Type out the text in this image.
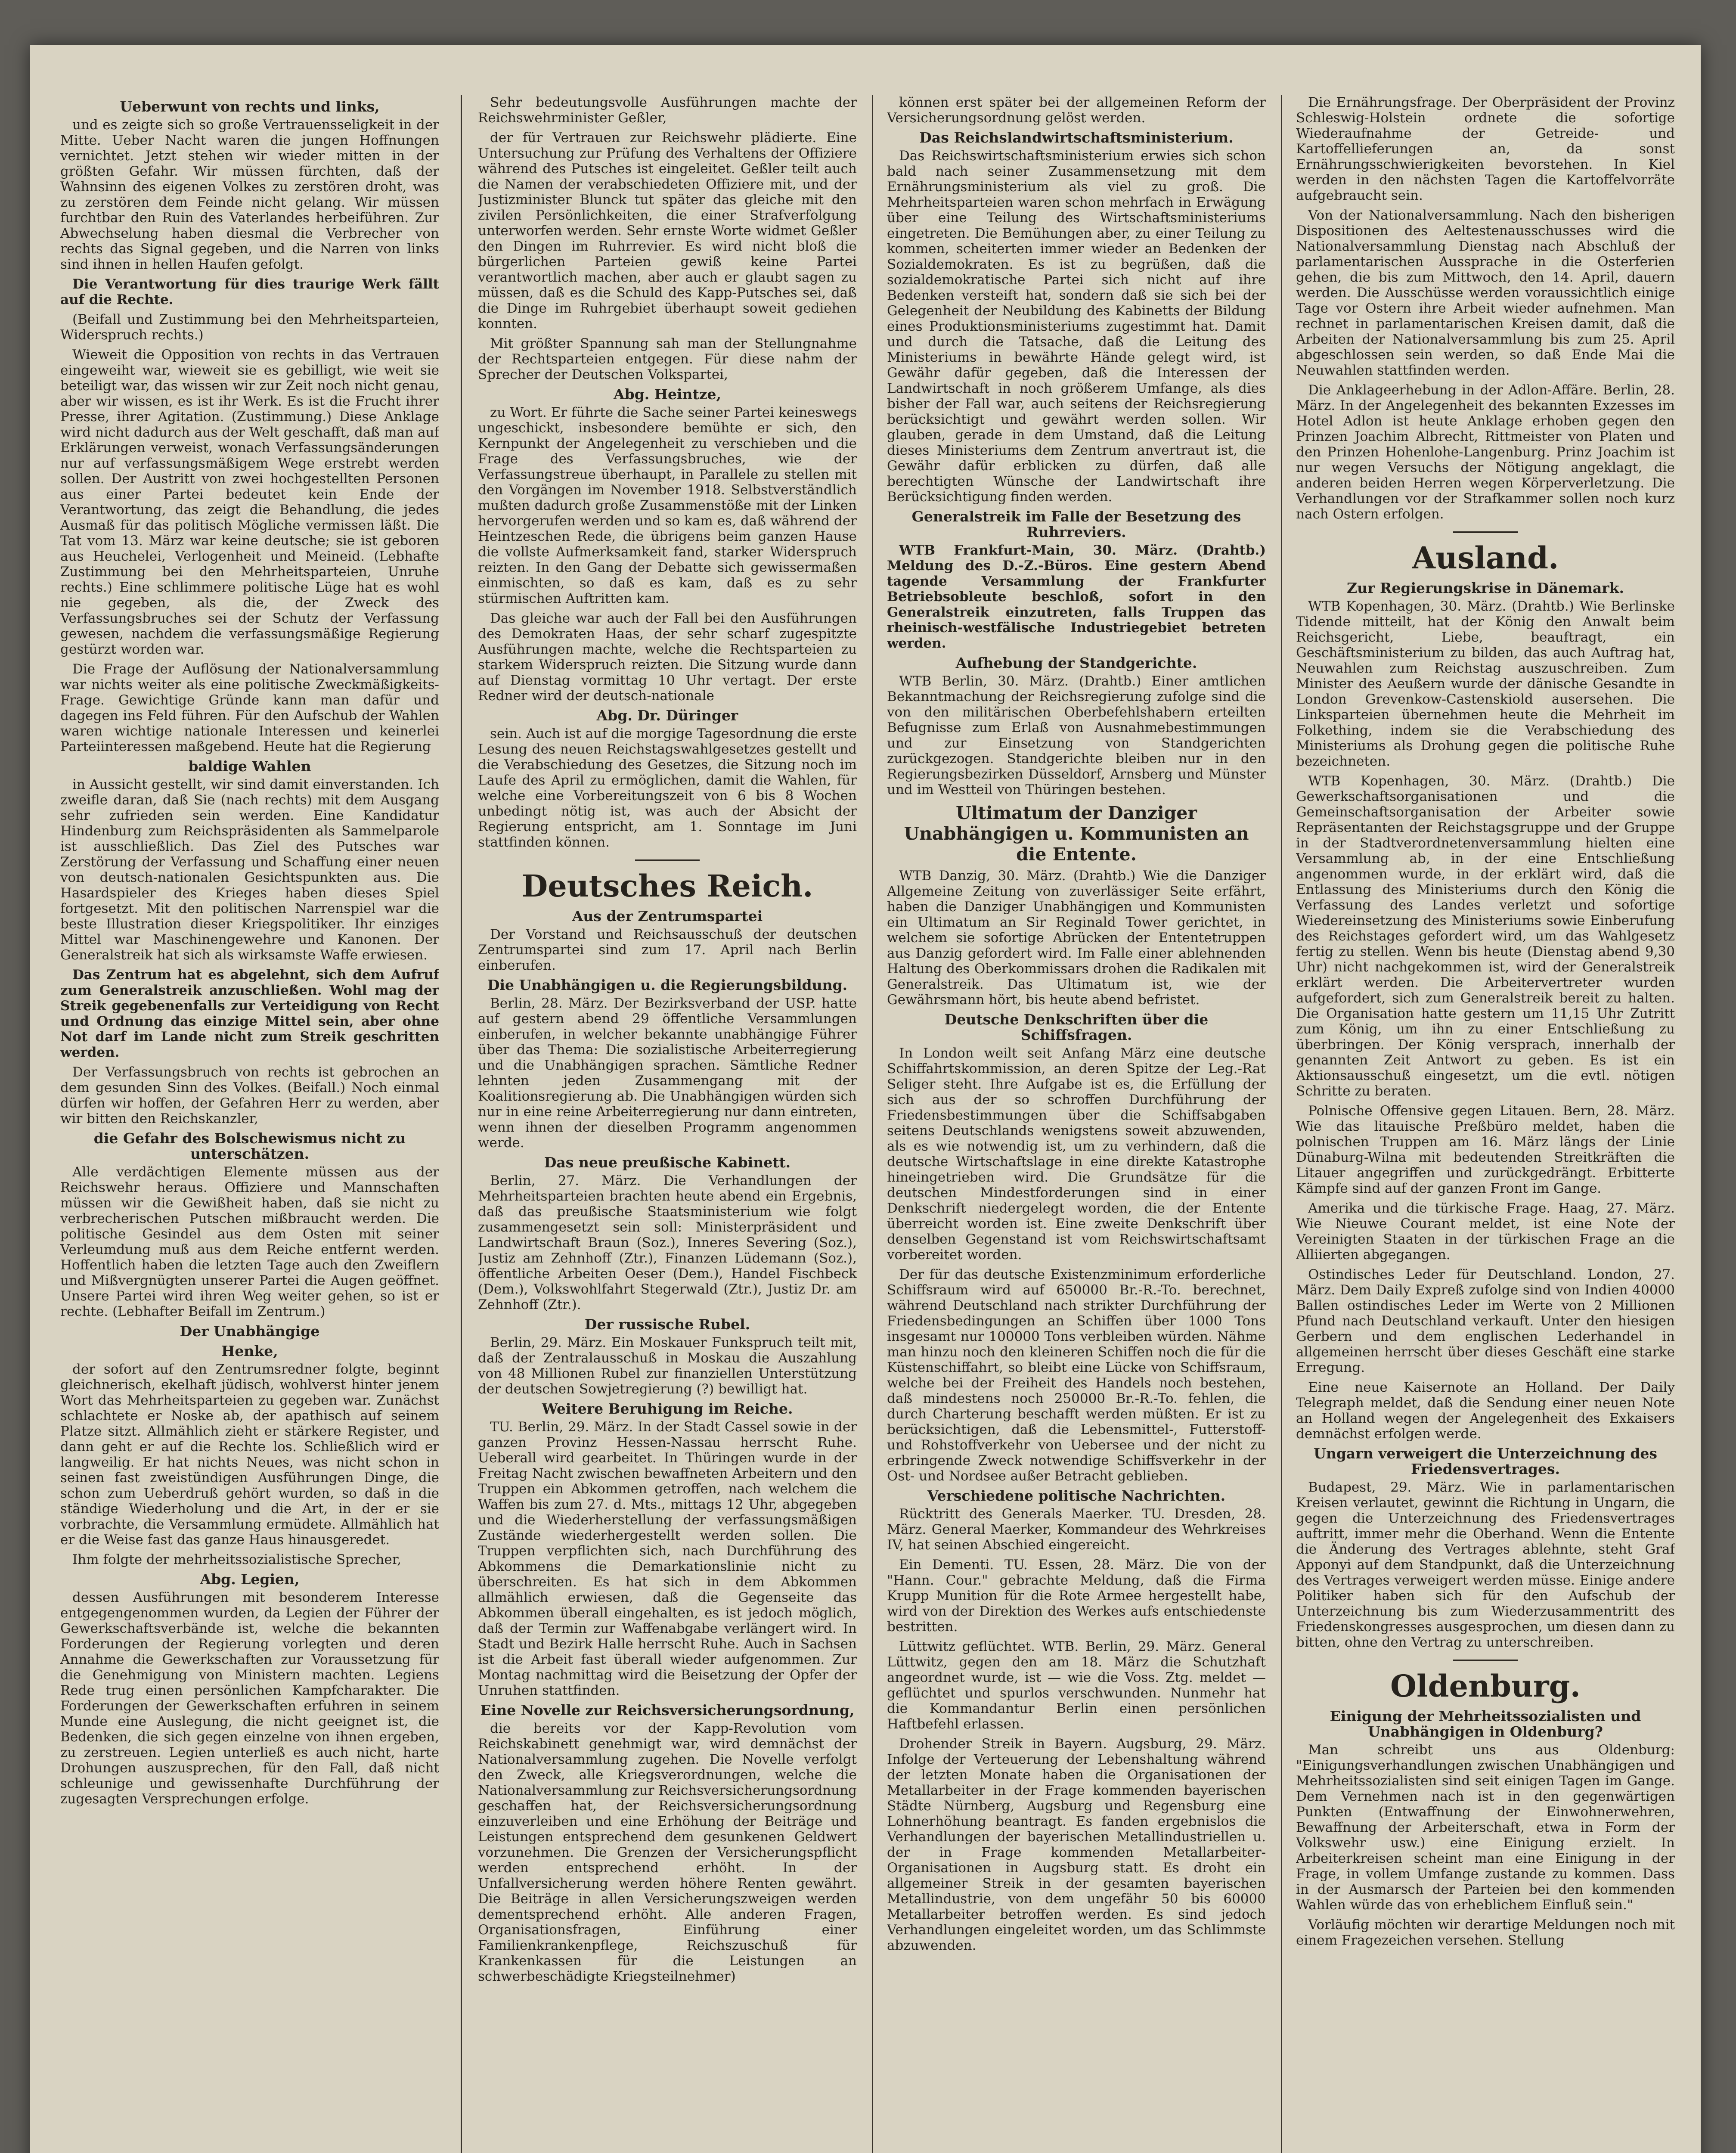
Ueberwunt von rechts und links,

und es zeigte sich so große Vertrauensseligkeit in der Mitte. Ueber Nacht waren die jungen Hoffnungen vernichtet. Jetzt stehen wir wieder mitten in der größten Gefahr. Wir müssen fürchten, daß der Wahnsinn des eigenen Volkes zu zerstören droht, was zu zerstören dem Feinde nicht gelang. Wir müssen furchtbar den Ruin des Vaterlandes herbeiführen. Zur Abwechselung haben diesmal die Verbrecher von rechts das Signal gegeben, und die Narren von links sind ihnen in hellen Haufen gefolgt.

Die Verantwortung für dies traurige Werk fällt auf die Rechte.

(Beifall und Zustimmung bei den Mehrheitsparteien, Widerspruch rechts.)

Wieweit die Opposition von rechts in das Vertrauen eingeweiht war, wieweit sie es gebilligt, wie weit sie beteiligt war, das wissen wir zur Zeit noch nicht genau, aber wir wissen, es ist ihr Werk. Es ist die Frucht ihrer Presse, ihrer Agitation. (Zustimmung.) Diese Anklage wird nicht dadurch aus der Welt geschafft, daß man auf Erklärungen verweist, wonach Verfassungsänderungen nur auf verfassungsmäßigem Wege erstrebt werden sollen. Der Austritt von zwei hochgestellten Personen aus einer Partei bedeutet kein Ende der Verantwortung, das zeigt die Behandlung, die jedes Ausmaß für das politisch Mögliche vermissen läßt. Die Tat vom 13. März war keine deutsche; sie ist geboren aus Heuchelei, Verlogenheit und Meineid. (Lebhafte Zustimmung bei den Mehrheitsparteien, Unruhe rechts.) Eine schlimmere politische Lüge hat es wohl nie gegeben, als die, der Zweck des Verfassungsbruches sei der Schutz der Verfassung gewesen, nachdem die verfassungsmäßige Regierung gestürzt worden war.

Die Frage der Auflösung der Nationalversammlung war nichts weiter als eine politische Zweckmäßigkeits-Frage. Gewichtige Gründe kann man dafür und dagegen ins Feld führen. Für den Aufschub der Wahlen waren wichtige nationale Interessen und keinerlei Parteiinteressen maßgebend. Heute hat die Regierung

baldige Wahlen

in Aussicht gestellt, wir sind damit einverstanden. Ich zweifle daran, daß Sie (nach rechts) mit dem Ausgang sehr zufrieden sein werden. Eine Kandidatur Hindenburg zum Reichspräsidenten als Sammelparole ist ausschließlich. Das Ziel des Putsches war Zerstörung der Verfassung und Schaffung einer neuen von deutsch-nationalen Gesichtspunkten aus. Die Hasardspieler des Krieges haben dieses Spiel fortgesetzt. Mit den politischen Narrenspiel war die beste Illustration dieser Kriegspolitiker. Ihr einziges Mittel war Maschinengewehre und Kanonen. Der Generalstreik hat sich als wirksamste Waffe erwiesen.

Das Zentrum hat es abgelehnt, sich dem Aufruf zum Generalstreik anzuschließen. Wohl mag der Streik gegebenenfalls zur Verteidigung von Recht und Ordnung das einzige Mittel sein, aber ohne Not darf im Lande nicht zum Streik geschritten werden.

Der Verfassungsbruch von rechts ist gebrochen an dem gesunden Sinn des Volkes. (Beifall.) Noch einmal dürfen wir hoffen, der Gefahren Herr zu werden, aber wir bitten den Reichskanzler,

die Gefahr des Bolschewismus nicht zu unterschätzen.

Alle verdächtigen Elemente müssen aus der Reichswehr heraus. Offiziere und Mannschaften müssen wir die Gewißheit haben, daß sie nicht zu verbrecherischen Putschen mißbraucht werden. Die politische Gesindel aus dem Osten mit seiner Verleumdung muß aus dem Reiche entfernt werden. Hoffentlich haben die letzten Tage auch den Zweiflern und Mißvergnügten unserer Partei die Augen geöffnet. Unsere Partei wird ihren Weg weiter gehen, so ist er rechte. (Lebhafter Beifall im Zentrum.)

Der Unabhängige
Henke,

der sofort auf den Zentrumsredner folgte, beginnt gleichnerisch, ekelhaft jüdisch, wohlverst hinter jenem Wort das Mehrheitsparteien zu gegeben war. Zunächst schlachtete er Noske ab, der apathisch auf seinem Platze sitzt. Allmählich zieht er stärkere Register, und dann geht er auf die Rechte los. Schließlich wird er langweilig. Er hat nichts Neues, was nicht schon in seinen fast zweistündigen Ausführungen Dinge, die schon zum Ueberdruß gehört wurden, so daß in die ständige Wiederholung und die Art, in der er sie vorbrachte, die Versammlung ermüdete. Allmählich hat er die Weise fast das ganze Haus hinausgeredet.

Ihm folgte der mehrheitssozialistische Sprecher,

Abg. Legien,

dessen Ausführungen mit besonderem Interesse entgegengenommen wurden, da Legien der Führer der Gewerkschaftsverbände ist, welche die bekannten Forderungen der Regierung vorlegten und deren Annahme die Gewerkschaften zur Voraussetzung für die Genehmigung von Ministern machten. Legiens Rede trug einen persönlichen Kampfcharakter. Die Forderungen der Gewerkschaften erfuhren in seinem Munde eine Auslegung, die nicht geeignet ist, die Bedenken, die sich gegen einzelne von ihnen ergeben, zu zerstreuen. Legien unterließ es auch nicht, harte Drohungen auszusprechen, für den Fall, daß nicht schleunige und gewissenhafte Durchführung der zugesagten Versprechungen erfolge.

Sehr bedeutungsvolle Ausführungen machte der Reichswehrminister Geßler,

der für Vertrauen zur Reichswehr plädierte. Eine Untersuchung zur Prüfung des Verhaltens der Offiziere während des Putsches ist eingeleitet. Geßler teilt auch die Namen der verabschiedeten Offiziere mit, und der Justizminister Blunck tut später das gleiche mit den zivilen Persönlichkeiten, die einer Strafverfolgung unterworfen werden. Sehr ernste Worte widmet Geßler den Dingen im Ruhrrevier. Es wird nicht bloß die bürgerlichen Parteien gewiß keine Partei verantwortlich machen, aber auch er glaubt sagen zu müssen, daß es die Schuld des Kapp-Putsches sei, daß die Dinge im Ruhrgebiet überhaupt soweit gediehen konnten.

Mit größter Spannung sah man der Stellungnahme der Rechtsparteien entgegen. Für diese nahm der Sprecher der Deutschen Volkspartei,

Abg. Heintze,

zu Wort. Er führte die Sache seiner Partei keineswegs ungeschickt, insbesondere bemühte er sich, den Kernpunkt der Angelegenheit zu verschieben und die Frage des Verfassungsbruches, wie der Verfassungstreue überhaupt, in Parallele zu stellen mit den Vorgängen im November 1918. Selbstverständlich mußten dadurch große Zusammenstöße mit der Linken hervorgerufen werden und so kam es, daß während der Heintzeschen Rede, die übrigens beim ganzen Hause die vollste Aufmerksamkeit fand, starker Widerspruch reizten. In den Gang der Debatte sich gewissermaßen einmischten, so daß es kam, daß es zu sehr stürmischen Auftritten kam.

Das gleiche war auch der Fall bei den Ausführungen des Demokraten Haas, der sehr scharf zugespitzte Ausführungen machte, welche die Rechtsparteien zu starkem Widerspruch reizten. Die Sitzung wurde dann auf Dienstag vormittag 10 Uhr vertagt. Der erste Redner wird der deutsch-nationale

Abg. Dr. Düringer

sein. Auch ist auf die morgige Tagesordnung die erste Lesung des neuen Reichstagswahlgesetzes gestellt und die Verabschiedung des Gesetzes, die Sitzung noch im Laufe des April zu ermöglichen, damit die Wahlen, für welche eine Vorbereitungszeit von 6 bis 8 Wochen unbedingt nötig ist, was auch der Absicht der Regierung entspricht, am 1. Sonntage im Juni stattfinden können.

Deutsches Reich.
Aus der Zentrumspartei

Der Vorstand und Reichsausschuß der deutschen Zentrumspartei sind zum 17. April nach Berlin einberufen.

Die Unabhängigen u. die Regierungsbildung.

Berlin, 28. März. Der Bezirksverband der USP. hatte auf gestern abend 29 öffentliche Versammlungen einberufen, in welcher bekannte unabhängige Führer über das Thema: Die sozialistische Arbeiterregierung und die Unabhängigen sprachen. Sämtliche Redner lehnten jeden Zusammengang mit der Koalitionsregierung ab. Die Unabhängigen würden sich nur in eine reine Arbeiterregierung nur dann eintreten, wenn ihnen der dieselben Programm angenommen werde.

Das neue preußische Kabinett.

Berlin, 27. März. Die Verhandlungen der Mehrheitsparteien brachten heute abend ein Ergebnis, daß das preußische Staatsministerium wie folgt zusammengesetzt sein soll: Ministerpräsident und Landwirtschaft Braun (Soz.), Inneres Severing (Soz.), Justiz am Zehnhoff (Ztr.), Finanzen Lüdemann (Soz.), öffentliche Arbeiten Oeser (Dem.), Handel Fischbeck (Dem.), Volkswohlfahrt Stegerwald (Ztr.), Justiz Dr. am Zehnhoff (Ztr.).

Der russische Rubel.

Berlin, 29. März. Ein Moskauer Funkspruch teilt mit, daß der Zentralausschuß in Moskau die Auszahlung von 48 Millionen Rubel zur finanziellen Unterstützung der deutschen Sowjetregierung (?) bewilligt hat.

Weitere Beruhigung im Reiche.

TU. Berlin, 29. März. In der Stadt Cassel sowie in der ganzen Provinz Hessen-Nassau herrscht Ruhe. Ueberall wird gearbeitet. In Thüringen wurde in der Freitag Nacht zwischen bewaffneten Arbeitern und den Truppen ein Abkommen getroffen, nach welchem die Waffen bis zum 27. d. Mts., mittags 12 Uhr, abgegeben und die Wiederherstellung der verfassungsmäßigen Zustände wiederhergestellt werden sollen. Die Truppen verpflichten sich, nach Durchführung des Abkommens die Demarkationslinie nicht zu überschreiten. Es hat sich in dem Abkommen allmählich erwiesen, daß die Gegenseite das Abkommen überall eingehalten, es ist jedoch möglich, daß der Termin zur Waffenabgabe verlängert wird. In Stadt und Bezirk Halle herrscht Ruhe. Auch in Sachsen ist die Arbeit fast überall wieder aufgenommen. Zur Montag nachmittag wird die Beisetzung der Opfer der Unruhen stattfinden.

Eine Novelle zur Reichsversicherungsordnung,

die bereits vor der Kapp-Revolution vom Reichskabinett genehmigt war, wird demnächst der Nationalversammlung zugehen. Die Novelle verfolgt den Zweck, alle Kriegsverordnungen, welche die Nationalversammlung zur Reichsversicherungsordnung geschaffen hat, der Reichsversicherungsordnung einzuverleiben und eine Erhöhung der Beiträge und Leistungen entsprechend dem gesunkenen Geldwert vorzunehmen. Die Grenzen der Versicherungspflicht werden entsprechend erhöht. In der Unfallversicherung werden höhere Renten gewährt. Die Beiträge in allen Versicherungszweigen werden dementsprechend erhöht. Alle anderen Fragen, Organisationsfragen, Einführung einer Familienkrankenpflege, Reichszuschuß für Krankenkassen für die Leistungen an schwerbeschädigte Kriegsteilnehmer)

können erst später bei der allgemeinen Reform der Versicherungsordnung gelöst werden.

Das Reichslandwirtschaftsministerium.

Das Reichswirtschaftsministerium erwies sich schon bald nach seiner Zusammensetzung mit dem Ernährungsministerium als viel zu groß. Die Mehrheitsparteien waren schon mehrfach in Erwägung über eine Teilung des Wirtschaftsministeriums eingetreten. Die Bemühungen aber, zu einer Teilung zu kommen, scheiterten immer wieder an Bedenken der Sozialdemokraten. Es ist zu begrüßen, daß die sozialdemokratische Partei sich nicht auf ihre Bedenken versteift hat, sondern daß sie sich bei der Gelegenheit der Neubildung des Kabinetts der Bildung eines Produktionsministeriums zugestimmt hat. Damit und durch die Tatsache, daß die Leitung des Ministeriums in bewährte Hände gelegt wird, ist Gewähr dafür gegeben, daß die Interessen der Landwirtschaft in noch größerem Umfange, als dies bisher der Fall war, auch seitens der Reichsregierung berücksichtigt und gewährt werden sollen. Wir glauben, gerade in dem Umstand, daß die Leitung dieses Ministeriums dem Zentrum anvertraut ist, die Gewähr dafür erblicken zu dürfen, daß alle berechtigten Wünsche der Landwirtschaft ihre Berücksichtigung finden werden.

Generalstreik im Falle der Besetzung des Ruhrreviers.

WTB Frankfurt-Main, 30. März. (Drahtb.) Meldung des D.-Z.-Büros. Eine gestern Abend tagende Versammlung der Frankfurter Betriebsobleute beschloß, sofort in den Generalstreik einzutreten, falls Truppen das rheinisch-westfälische Industriegebiet betreten werden.

Aufhebung der Standgerichte.

WTB Berlin, 30. März. (Drahtb.) Einer amtlichen Bekanntmachung der Reichsregierung zufolge sind die von den militärischen Oberbefehlshabern erteilten Befugnisse zum Erlaß von Ausnahmebestimmungen und zur Einsetzung von Standgerichten zurückgezogen. Standgerichte bleiben nur in den Regierungsbezirken Düsseldorf, Arnsberg und Münster und im Westteil von Thüringen bestehen.

Ultimatum der Danziger Unabhängigen u. Kommunisten an die Entente.

WTB Danzig, 30. März. (Drahtb.) Wie die Danziger Allgemeine Zeitung von zuverlässiger Seite erfährt, haben die Danziger Unabhängigen und Kommunisten ein Ultimatum an Sir Reginald Tower gerichtet, in welchem sie sofortige Abrücken der Ententetruppen aus Danzig gefordert wird. Im Falle einer ablehnenden Haltung des Oberkommissars drohen die Radikalen mit Generalstreik. Das Ultimatum ist, wie der Gewährsmann hört, bis heute abend befristet.

Deutsche Denkschriften über die Schiffsfragen.

In London weilt seit Anfang März eine deutsche Schiffahrtskommission, an deren Spitze der Leg.-Rat Seliger steht. Ihre Aufgabe ist es, die Erfüllung der sich aus der so schroffen Durchführung der Friedensbestimmungen über die Schiffsabgaben seitens Deutschlands wenigstens soweit abzuwenden, als es wie notwendig ist, um zu verhindern, daß die deutsche Wirtschaftslage in eine direkte Katastrophe hineingetrieben wird. Die Grundsätze für die deutschen Mindestforderungen sind in einer Denkschrift niedergelegt worden, die der Entente überreicht worden ist. Eine zweite Denkschrift über denselben Gegenstand ist vom Reichswirtschaftsamt vorbereitet worden.

Der für das deutsche Existenzminimum erforderliche Schiffsraum wird auf 650000 Br.-R.-To. berechnet, während Deutschland nach strikter Durchführung der Friedensbedingungen an Schiffen über 1000 Tons insgesamt nur 100000 Tons verbleiben würden. Nähme man hinzu noch den kleineren Schiffen noch die für die Küstenschiffahrt, so bleibt eine Lücke von Schiffsraum, welche bei der Freiheit des Handels noch bestehen, daß mindestens noch 250000 Br.-R.-To. fehlen, die durch Charterung beschafft werden müßten. Er ist zu berücksichtigen, daß die Lebensmittel-, Futterstoff- und Rohstoffverkehr von Uebersee und der nicht zu erbringende Zweck notwendige Schiffsverkehr in der Ost- und Nordsee außer Betracht geblieben.

Verschiedene politische Nachrichten.

Rücktritt des Generals Maerker. TU. Dresden, 28. März. General Maerker, Kommandeur des Wehrkreises IV, hat seinen Abschied eingereicht.

Ein Dementi. TU. Essen, 28. März. Die von der "Hann. Cour." gebrachte Meldung, daß die Firma Krupp Munition für die Rote Armee hergestellt habe, wird von der Direktion des Werkes aufs entschiedenste bestritten.

Lüttwitz geflüchtet. WTB. Berlin, 29. März. General Lüttwitz, gegen den am 18. März die Schutzhaft angeordnet wurde, ist — wie die Voss. Ztg. meldet — geflüchtet und spurlos verschwunden. Nunmehr hat die Kommandantur Berlin einen persönlichen Haftbefehl erlassen.

Drohender Streik in Bayern. Augsburg, 29. März. Infolge der Verteuerung der Lebenshaltung während der letzten Monate haben die Organisationen der Metallarbeiter in der Frage kommenden bayerischen Städte Nürnberg, Augsburg und Regensburg eine Lohnerhöhung beantragt. Es fanden ergebnislos die Verhandlungen der bayerischen Metallindustriellen u. der in Frage kommenden Metallarbeiter-Organisationen in Augsburg statt. Es droht ein allgemeiner Streik in der gesamten bayerischen Metallindustrie, von dem ungefähr 50 bis 60000 Metallarbeiter betroffen werden. Es sind jedoch Verhandlungen eingeleitet worden, um das Schlimmste abzuwenden.

Die Ernährungsfrage. Der Oberpräsident der Provinz Schleswig-Holstein ordnete die sofortige Wiederaufnahme der Getreide- und Kartoffellieferungen an, da sonst Ernährungsschwierigkeiten bevorstehen. In Kiel werden in den nächsten Tagen die Kartoffelvorräte aufgebraucht sein.

Von der Nationalversammlung. Nach den bisherigen Dispositionen des Aeltestenausschusses wird die Nationalversammlung Dienstag nach Abschluß der parlamentarischen Aussprache in die Osterferien gehen, die bis zum Mittwoch, den 14. April, dauern werden. Die Ausschüsse werden voraussichtlich einige Tage vor Ostern ihre Arbeit wieder aufnehmen. Man rechnet in parlamentarischen Kreisen damit, daß die Arbeiten der Nationalversammlung bis zum 25. April abgeschlossen sein werden, so daß Ende Mai die Neuwahlen stattfinden werden.

Die Anklageerhebung in der Adlon-Affäre. Berlin, 28. März. In der Angelegenheit des bekannten Exzesses im Hotel Adlon ist heute Anklage erhoben gegen den Prinzen Joachim Albrecht, Rittmeister von Platen und den Prinzen Hohenlohe-Langenburg. Prinz Joachim ist nur wegen Versuchs der Nötigung angeklagt, die anderen beiden Herren wegen Körperverletzung. Die Verhandlungen vor der Strafkammer sollen noch kurz nach Ostern erfolgen.

Ausland.
Zur Regierungskrise in Dänemark.

WTB Kopenhagen, 30. März. (Drahtb.) Wie Berlinske Tidende mitteilt, hat der König den Anwalt beim Reichsgericht, Liebe, beauftragt, ein Geschäftsministerium zu bilden, das auch Auftrag hat, Neuwahlen zum Reichstag auszuschreiben. Zum Minister des Aeußern wurde der dänische Gesandte in London Grevenkow-Castenskiold ausersehen. Die Linksparteien übernehmen heute die Mehrheit im Folkething, indem sie die Verabschiedung des Ministeriums als Drohung gegen die politische Ruhe bezeichneten.

WTB Kopenhagen, 30. März. (Drahtb.) Die Gewerkschaftsorganisationen und die Gemeinschaftsorganisation der Arbeiter sowie Repräsentanten der Reichstagsgruppe und der Gruppe in der Stadtverordnetenversammlung hielten eine Versammlung ab, in der eine Entschließung angenommen wurde, in der erklärt wird, daß die Entlassung des Ministeriums durch den König die Verfassung des Landes verletzt und sofortige Wiedereinsetzung des Ministeriums sowie Einberufung des Reichstages gefordert wird, um das Wahlgesetz fertig zu stellen. Wenn bis heute (Dienstag abend 9,30 Uhr) nicht nachgekommen ist, wird der Generalstreik erklärt werden. Die Arbeitervertreter wurden aufgefordert, sich zum Generalstreik bereit zu halten. Die Organisation hatte gestern um 11,15 Uhr Zutritt zum König, um ihn zu einer Entschließung zu überbringen. Der König versprach, innerhalb der genannten Zeit Antwort zu geben. Es ist ein Aktionsausschuß eingesetzt, um die evtl. nötigen Schritte zu beraten.

Polnische Offensive gegen Litauen. Bern, 28. März. Wie das litauische Preßbüro meldet, haben die polnischen Truppen am 16. März längs der Linie Dünaburg-Wilna mit bedeutenden Streitkräften die Litauer angegriffen und zurückgedrängt. Erbitterte Kämpfe sind auf der ganzen Front im Gange.

Amerika und die türkische Frage. Haag, 27. März. Wie Nieuwe Courant meldet, ist eine Note der Vereinigten Staaten in der türkischen Frage an die Alliierten abgegangen.

Ostindisches Leder für Deutschland. London, 27. März. Dem Daily Expreß zufolge sind von Indien 40000 Ballen ostindisches Leder im Werte von 2 Millionen Pfund nach Deutschland verkauft. Unter den hiesigen Gerbern und dem englischen Lederhandel in allgemeinen herrscht über dieses Geschäft eine starke Erregung.

Eine neue Kaisernote an Holland. Der Daily Telegraph meldet, daß die Sendung einer neuen Note an Holland wegen der Angelegenheit des Exkaisers demnächst erfolgen werde.

Ungarn verweigert die Unterzeichnung des Friedensvertrages.

Budapest, 29. März. Wie in parlamentarischen Kreisen verlautet, gewinnt die Richtung in Ungarn, die gegen die Unterzeichnung des Friedensvertrages auftritt, immer mehr die Oberhand. Wenn die Entente die Änderung des Vertrages ablehnte, steht Graf Apponyi auf dem Standpunkt, daß die Unterzeichnung des Vertrages verweigert werden müsse. Einige andere Politiker haben sich für den Aufschub der Unterzeichnung bis zum Wiederzusammentritt des Friedenskongresses ausgesprochen, um diesen dann zu bitten, ohne den Vertrag zu unterschreiben.

Oldenburg.
Einigung der Mehrheitssozialisten und Unabhängigen in Oldenburg?

Man schreibt uns aus Oldenburg: "Einigungsverhandlungen zwischen Unabhängigen und Mehrheitssozialisten sind seit einigen Tagen im Gange. Dem Vernehmen nach ist in den gegenwärtigen Punkten (Entwaffnung der Einwohnerwehren, Bewaffnung der Arbeiterschaft, etwa in Form der Volkswehr usw.) eine Einigung erzielt. In Arbeiterkreisen scheint man eine Einigung in der Frage, in vollem Umfange zustande zu kommen. Dass in der Ausmarsch der Parteien bei den kommenden Wahlen würde das von erheblichem Einfluß sein."

Vorläufig möchten wir derartige Meldungen noch mit einem Fragezeichen versehen. Stellung
